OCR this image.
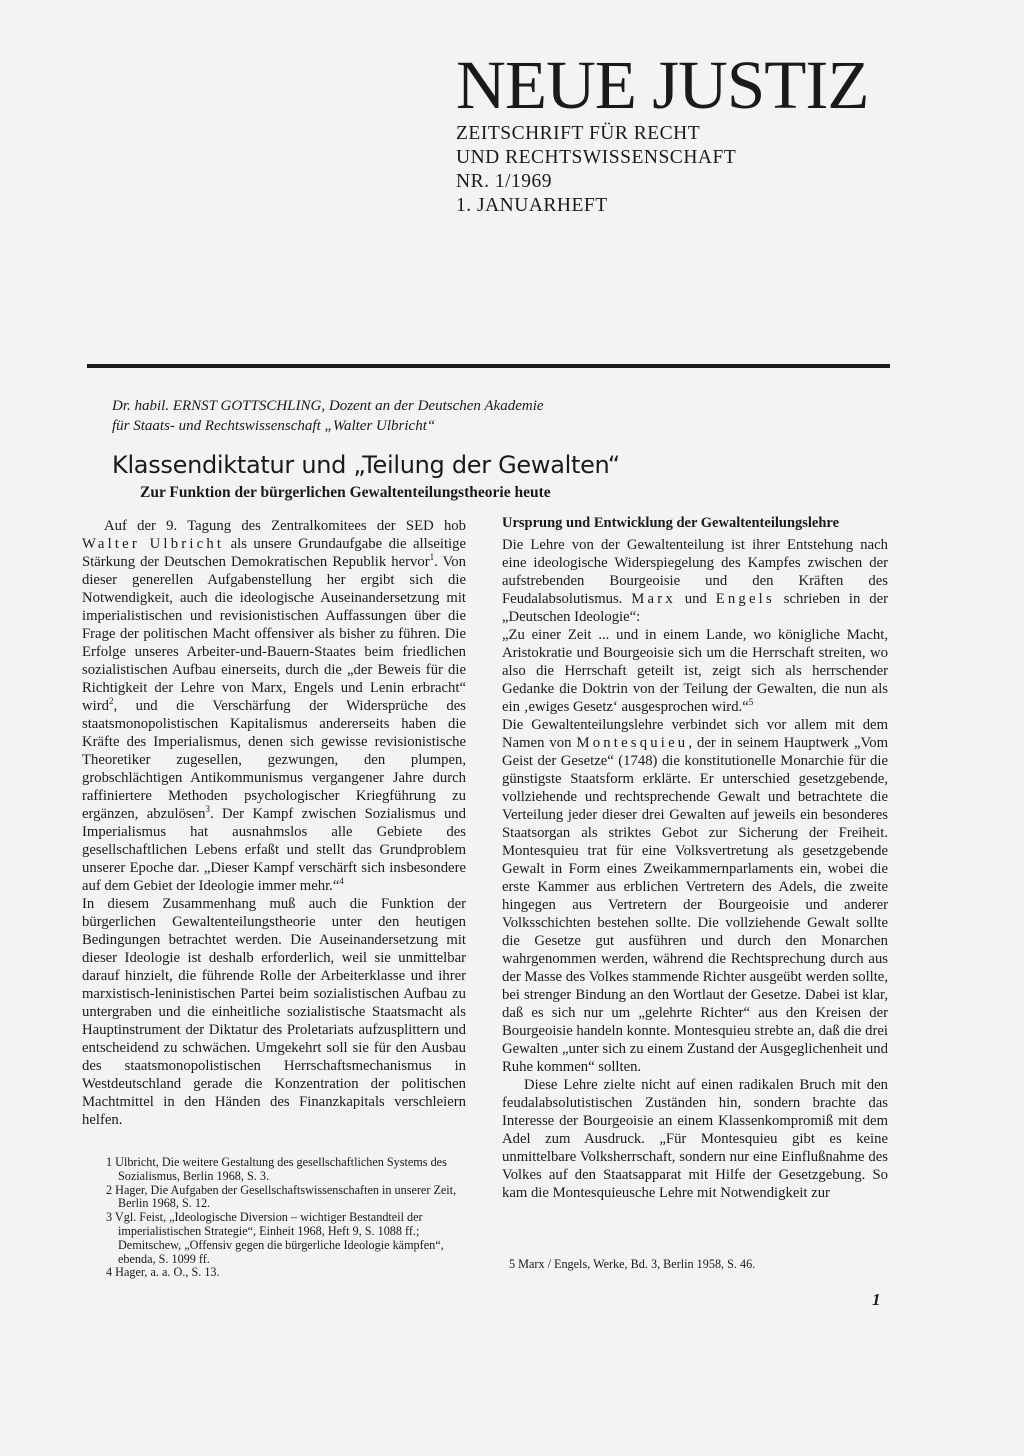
NEUE JUSTIZ
ZEITSCHRIFT FÜR RECHT
UND RECHTSWISSENSCHAFT
NR. 1/1969
1. JANUARHEFT
Dr. habil. ERNST GOTTSCHLING, Dozent an der Deutschen Akademie
für Staats- und Rechtswissenschaft „Walter Ulbricht“
Klassendiktatur und „Teilung der Gewalten“
Zur Funktion der bürgerlichen Gewaltenteilungstheorie heute

Auf der 9. Tagung des Zentralkomitees der SED hob Walter Ulbricht als unsere Grundaufgabe die allseitige Stärkung der Deutschen Demokratischen Republik hervor$^1$. Von dieser generellen Aufgabenstellung her ergibt sich die Notwendigkeit, auch die ideologische Auseinandersetzung mit imperialistischen und revisionistischen Auffassungen über die Frage der politischen Macht offensiver als bisher zu führen. Die Erfolge unseres Arbeiter-und-Bauern-Staates beim friedlichen sozialistischen Aufbau einerseits, durch die „der Beweis für die Richtigkeit der Lehre von Marx, Engels und Lenin erbracht“ wird$^2$, und die Verschärfung der Widersprüche des staatsmonopolistischen Kapitalismus andererseits haben die Kräfte des Imperialismus, denen sich gewisse revisionistische Theoretiker zugesellen, gezwungen, den plumpen, grobschlächtigen Antikommunismus vergangener Jahre durch raffiniertere Methoden psychologischer Kriegführung zu ergänzen, abzulösen$^3$. Der Kampf zwischen Sozialismus und Imperialismus hat ausnahmslos alle Gebiete des gesellschaftlichen Lebens erfaßt und stellt das Grundproblem unserer Epoche dar. „Dieser Kampf verschärft sich insbesondere auf dem Gebiet der Ideologie immer mehr.“$^4$

In diesem Zusammenhang muß auch die Funktion der bürgerlichen Gewaltenteilungstheorie unter den heutigen Bedingungen betrachtet werden. Die Auseinandersetzung mit dieser Ideologie ist deshalb erforderlich, weil sie unmittelbar darauf hinzielt, die führende Rolle der Arbeiterklasse und ihrer marxistisch-leninistischen Partei beim sozialistischen Aufbau zu untergraben und die einheitliche sozialistische Staatsmacht als Hauptinstrument der Diktatur des Proletariats aufzusplittern und entscheidend zu schwächen. Umgekehrt soll sie für den Ausbau des staatsmonopolistischen Herrschaftsmechanismus in Westdeutschland gerade die Konzentration der politischen Machtmittel in den Händen des Finanzkapitals verschleiern helfen.

Ursprung und Entwicklung der Gewaltenteilungslehre

Die Lehre von der Gewaltenteilung ist ihrer Entstehung nach eine ideologische Widerspiegelung des Kampfes zwischen der aufstrebenden Bourgeoisie und den Kräften des Feudalabsolutismus. Marx und Engels schrieben in der „Deutschen Ideologie“:

„Zu einer Zeit ... und in einem Lande, wo königliche Macht, Aristokratie und Bourgeoisie sich um die Herrschaft streiten, wo also die Herrschaft geteilt ist, zeigt sich als herrschender Gedanke die Doktrin von der Teilung der Gewalten, die nun als ein ‚ewiges Gesetz‘ ausgesprochen wird.“$^5$

Die Gewaltenteilungslehre verbindet sich vor allem mit dem Namen von Montesquieu, der in seinem Hauptwerk „Vom Geist der Gesetze“ (1748) die konstitutionelle Monarchie für die günstigste Staatsform erklärte. Er unterschied gesetzgebende, vollziehende und rechtsprechende Gewalt und betrachtete die Verteilung jeder dieser drei Gewalten auf jeweils ein besonderes Staatsorgan als striktes Gebot zur Sicherung der Freiheit. Montesquieu trat für eine Volksvertretung als gesetzgebende Gewalt in Form eines Zweikammernparlaments ein, wobei die erste Kammer aus erblichen Vertretern des Adels, die zweite hingegen aus Vertretern der Bourgeoisie und anderer Volksschichten bestehen sollte. Die vollziehende Gewalt sollte die Gesetze gut ausführen und durch den Monarchen wahrgenommen werden, während die Rechtsprechung durch aus der Masse des Volkes stammende Richter ausgeübt werden sollte, bei strenger Bindung an den Wortlaut der Gesetze. Dabei ist klar, daß es sich nur um „gelehrte Richter“ aus den Kreisen der Bourgeoisie handeln konnte. Montesquieu strebte an, daß die drei Gewalten „unter sich zu einem Zustand der Ausgeglichenheit und Ruhe kommen“ sollten.

Diese Lehre zielte nicht auf einen radikalen Bruch mit den feudalabsolutistischen Zuständen hin, sondern brachte das Interesse der Bourgeoisie an einem Klassenkompromiß mit dem Adel zum Ausdruck. „Für Montesquieu gibt es keine unmittelbare Volksherrschaft, sondern nur eine Einflußnahme des Volkes auf den Staatsapparat mit Hilfe der Gesetzgebung. So kam die Montesquieusche Lehre mit Notwendigkeit zur

1 Ulbricht, Die weitere Gestaltung des gesellschaftlichen Systems des Sozialismus, Berlin 1968, S. 3.
2 Hager, Die Aufgaben der Gesellschaftswissenschaften in unserer Zeit, Berlin 1968, S. 12.
3 Vgl. Feist, „Ideologische Diversion – wichtiger Bestandteil der imperialistischen Strategie“, Einheit 1968, Heft 9, S. 1088 ff.; Demitschew, „Offensiv gegen die bürgerliche Ideologie kämpfen“, ebenda, S. 1099 ff.
4 Hager, a. a. O., S. 13.
5 Marx / Engels, Werke, Bd. 3, Berlin 1958, S. 46.
1
